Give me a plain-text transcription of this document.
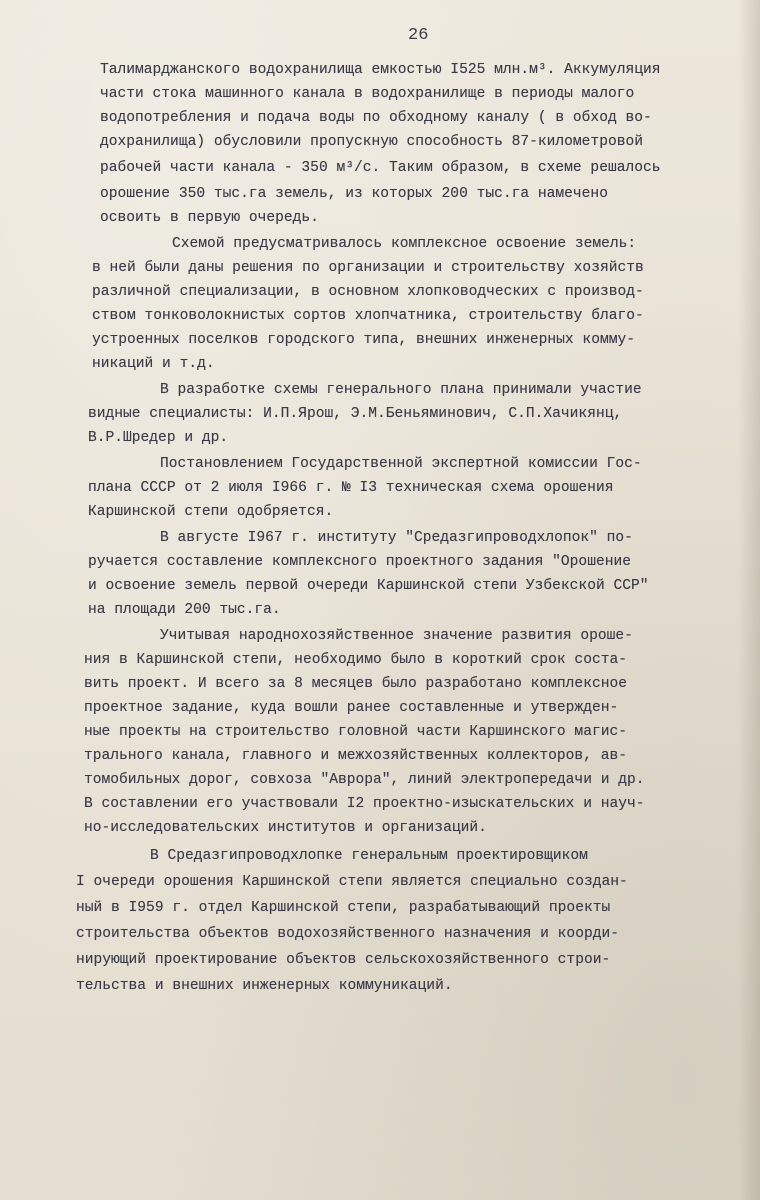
26
Талимарджанского водохранилища емкостью I525 млн.м³. Аккумуляция
части стока машинного канала в водохранилище в периоды малого
водопотребления и подача воды по обходному каналу ( в обход во-
дохранилища) обусловили пропускную способность 87-километровой
рабочей части канала - 350 м³/с. Таким образом, в схеме решалось
орошение 350 тыс.га земель, из которых 200 тыс.га намечено
освоить в первую очередь.
Схемой предусматривалось комплексное освоение земель:
в ней были даны решения по организации и строительству хозяйств
различной специализации, в основном хлопководческих с производ-
ством тонковолокнистых сортов хлопчатника, строительству благо-
устроенных поселков городского типа, внешних инженерных комму-
никаций и т.д.
В разработке схемы генерального плана принимали участие
видные специалисты: И.П.Ярош, Э.М.Беньяминович, С.П.Хачикянц,
В.Р.Шредер и др.
Постановлением Государственной экспертной комиссии Гос-
плана СССР от 2 июля I966 г. № I3 техническая схема орошения
Каршинской степи одобряется.
В августе I967 г. институту "Средазгипроводхлопок" по-
ручается составление комплексного проектного задания "Орошение
и освоение земель первой очереди Каршинской степи Узбекской ССР"
на площади 200 тыс.га.
Учитывая народнохозяйственное значение развития ороше-
ния в Каршинской степи, необходимо было в короткий срок соста-
вить проект. И всего за 8 месяцев было разработано комплексное
проектное задание, куда вошли ранее составленные и утвержден-
ные проекты на строительство головной части Каршинского магис-
трального канала, главного и межхозяйственных коллекторов, ав-
томобильных дорог, совхоза "Аврора", линий электропередачи и др.
В составлении его участвовали I2 проектно-изыскательских и науч-
но-исследовательских институтов и организаций.
В Средазгипроводхлопке генеральным проектировщиком
I очереди орошения Каршинской степи является специально создан-
ный в I959 г. отдел Каршинской степи, разрабатывающий проекты
строительства объектов водохозяйственного назначения и коорди-
нирующий проектирование объектов сельскохозяйственного строи-
тельства и внешних инженерных коммуникаций.
